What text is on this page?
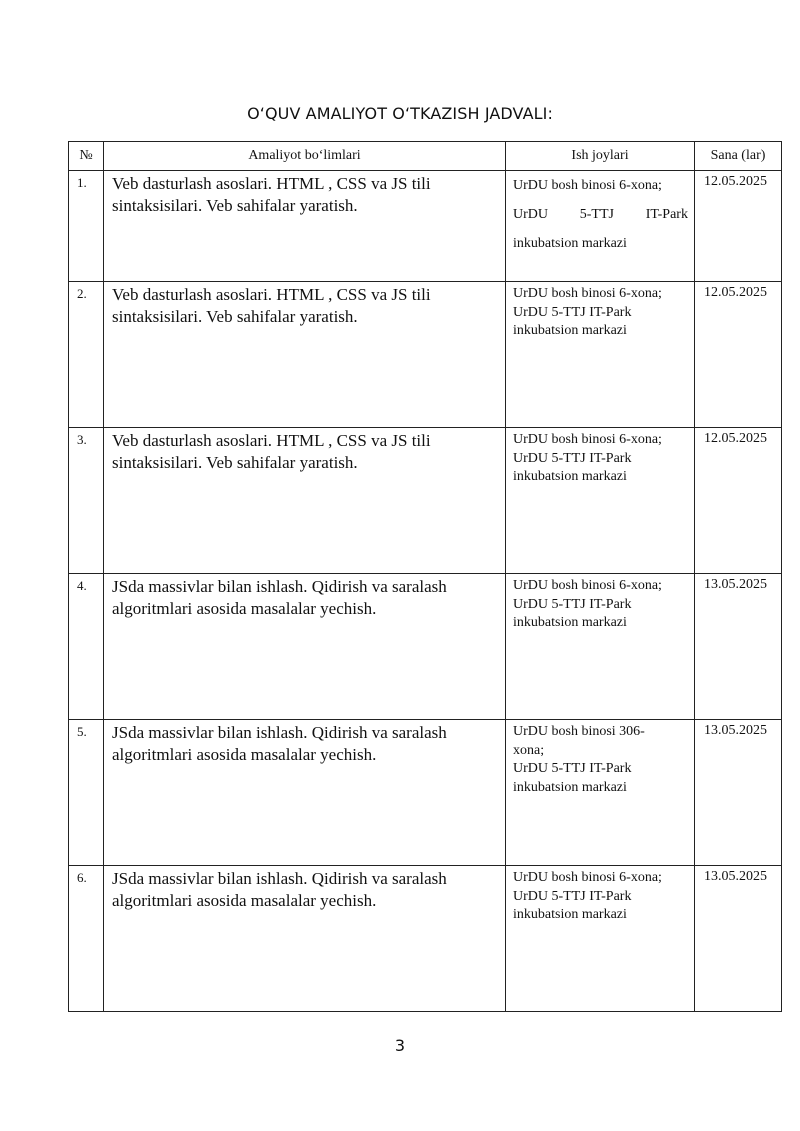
O‘QUV AMALIYOT O‘TKAZISH JADVALI:
№	Amaliyot bo‘limlari	Ish joylari	Sana (lar)

1.	Veb dasturlash asoslari. HTML , CSS va JS tili
sintaksisilari. Veb sahifalar yaratish.	UrDU bosh binosi 6-xona;
UrDU 5-TTJ IT-Park
inkubatsion markazi	12.05.2025
2.	Veb dasturlash asoslari. HTML , CSS va JS tili
sintaksisilari. Veb sahifalar yaratish.	UrDU bosh binosi 6-xona;
UrDU 5-TTJ IT-Park
inkubatsion markazi	12.05.2025
3.	Veb dasturlash asoslari. HTML , CSS va JS tili
sintaksisilari. Veb sahifalar yaratish.	UrDU bosh binosi 6-xona;
UrDU 5-TTJ IT-Park
inkubatsion markazi	12.05.2025
4.	JSda massivlar bilan ishlash. Qidirish va saralash
algoritmlari asosida masalalar yechish.	UrDU bosh binosi 6-xona;
UrDU 5-TTJ IT-Park
inkubatsion markazi	13.05.2025
5.	JSda massivlar bilan ishlash. Qidirish va saralash
algoritmlari asosida masalalar yechish.	UrDU bosh binosi 306-
xona;
UrDU 5-TTJ IT-Park
inkubatsion markazi	13.05.2025
6.	JSda massivlar bilan ishlash. Qidirish va saralash
algoritmlari asosida masalalar yechish.	UrDU bosh binosi 6-xona;
UrDU 5-TTJ IT-Park
inkubatsion markazi	13.05.2025
3
